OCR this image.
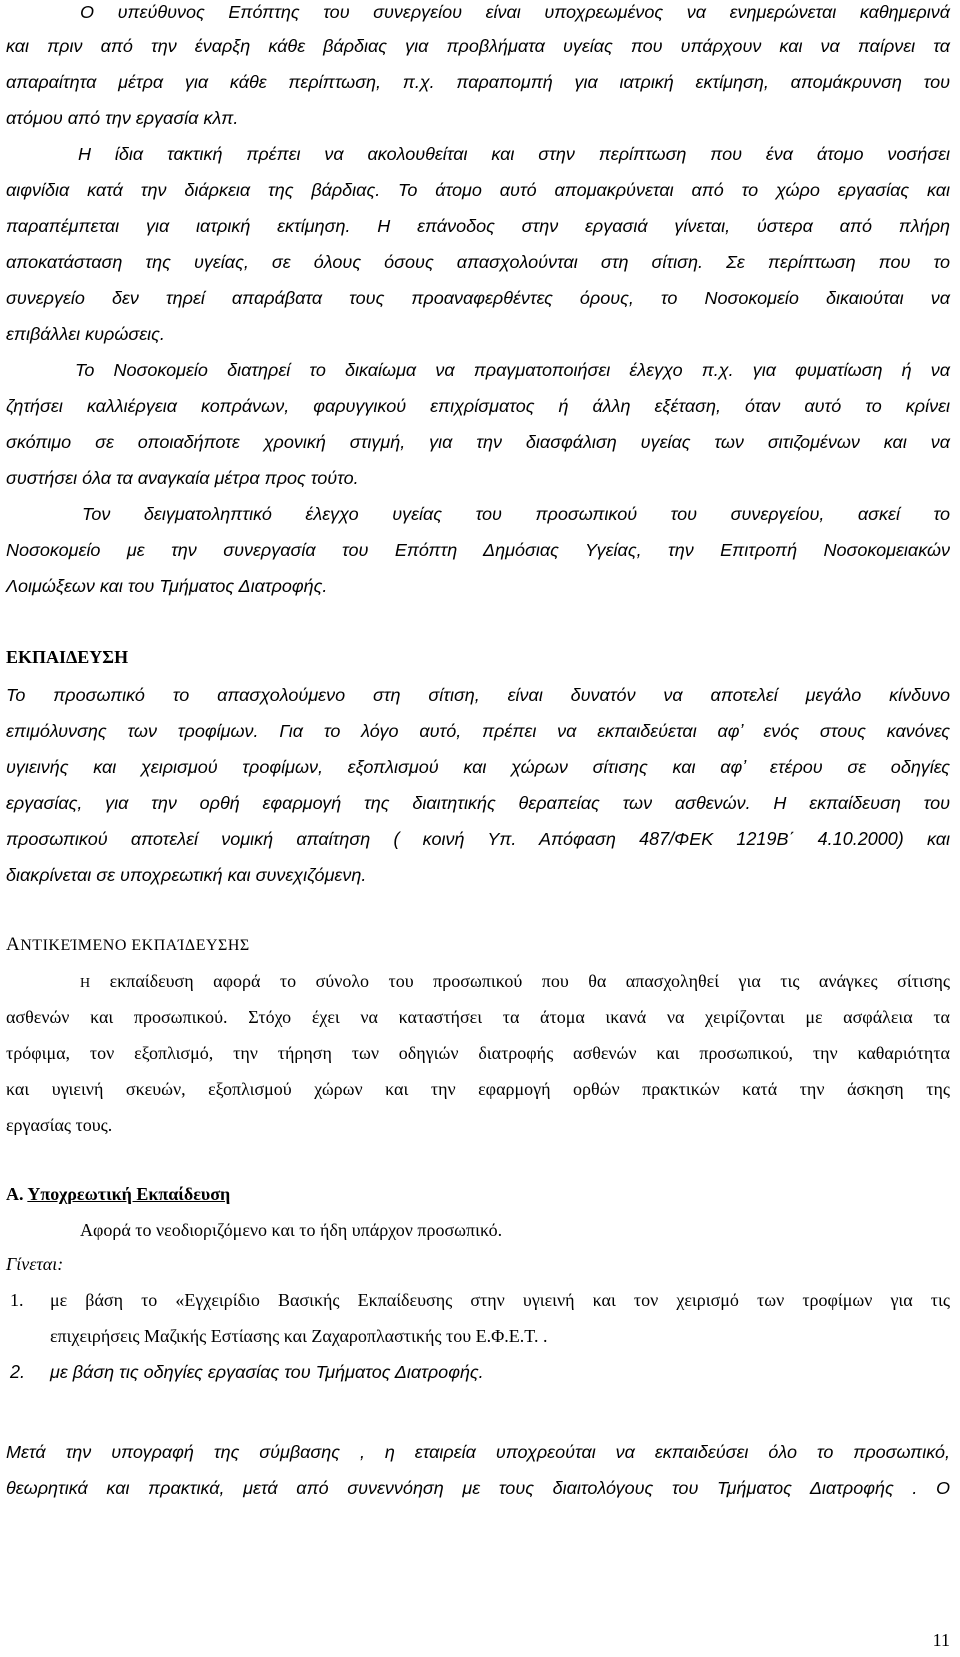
Ο υπεύθυνος Επόπτης του συνεργείου είναι υποχρεωμένος να ενημερώνεται καθημερινά

και πριν από την έναρξη κάθε βάρδιας για προβλήματα υγείας που υπάρχουν και να παίρνει τα

απαραίτητα μέτρα για κάθε περίπτωση, π.χ. παραπομπή για ιατρική εκτίμηση, απομάκρυνση του

ατόμου από την εργασία κλπ.

Η ίδια τακτική πρέπει να ακολουθείται και στην περίπτωση που ένα άτομο νοσήσει

αιφνίδια κατά την διάρκεια της βάρδιας. Το άτομο αυτό απομακρύνεται από το χώρο εργασίας και

παραπέμπεται για ιατρική εκτίμηση. Η επάνοδος στην εργασιά γίνεται, ύστερα από πλήρη

αποκατάσταση της υγείας, σε όλους όσους απασχολούνται στη σίτιση. Σε περίπτωση που το

συνεργείο δεν τηρεί απαράβατα τους προαναφερθέντες όρους, το Νοσοκομείο δικαιούται να

επιβάλλει κυρώσεις.

Το Νοσοκομείο διατηρεί το δικαίωμα να πραγματοποιήσει έλεγχο π.χ. για φυματίωση ή να

ζητήσει καλλιέργεια κοπράνων, φαρυγγικού επιχρίσματος ή άλλη εξέταση, όταν αυτό το κρίνει

σκόπιμο σε οποιαδήποτε χρονική στιγμή, για την διασφάλιση υγείας των σιτιζομένων και να

συστήσει όλα τα αναγκαία μέτρα προς τούτο.

Τον δειγματοληπτικό έλεγχο υγείας του προσωπικού του συνεργείου, ασκεί το

Νοσοκομείο με την συνεργασία του Επόπτη Δημόσιας Υγείας, την Επιτροπή Νοσοκομειακών

Λοιμώξεων και του Τμήματος Διατροφής.

ΕΚΠΑΙΔΕΥΣΗ

Το προσωπικό το απασχολούμενο στη σίτιση, είναι δυνατόν να αποτελεί μεγάλο κίνδυνο

επιμόλυνσης των τροφίμων. Για το λόγο αυτό, πρέπει να εκπαιδεύεται αφ’ ενός στους κανόνες

υγιεινής και χειρισμού τροφίμων, εξοπλισμού και χώρων σίτισης και αφ’ ετέρου σε οδηγίες

εργασίας, για την ορθή εφαρμογή της διαιτητικής θεραπείας των ασθενών. Η εκπαίδευση του

προσωπικού αποτελεί νομική απαίτηση ( κοινή Υπ. Απόφαση 487/ΦΕΚ 1219Β΄ 4.10.2000) και

διακρίνεται σε υποχρεωτική και συνεχιζόμενη.

ΑΝΤΙΚΕΊΜΕΝΟ ΕΚΠΑΊΔΕΥΣΗΣ

Η εκπαίδευση αφορά το σύνολο του προσωπικού που θα απασχοληθεί για τις ανάγκες σίτισης

ασθενών και προσωπικού. Στόχο έχει να καταστήσει τα άτομα ικανά να χειρίζονται με ασφάλεια τα

τρόφιμα, τον εξοπλισμό, την τήρηση των οδηγιών διατροφής ασθενών και προσωπικού, την καθαριότητα

και υγιεινή σκευών, εξοπλισμού χώρων και την εφαρμογή ορθών πρακτικών κατά την άσκηση της

εργασίας τους.

Α. Υποχρεωτική Εκπαίδευση

Αφορά το νεοδιοριζόμενο και το ήδη υπάρχον προσωπικό.

Γίνεται:

1. με βάση το «Εγχειρίδιο Βασικής Εκπαίδευσης στην υγιεινή και τον χειρισμό των τροφίμων για τις
επιχειρήσεις Μαζικής Εστίασης και Ζαχαροπλαστικής του Ε.Φ.Ε.Τ. .
2. με βάση τις οδηγίες εργασίας του Τμήματος Διατροφής.

Μετά την υπογραφή της σύμβασης , η εταιρεία υποχρεούται να εκπαιδεύσει όλο το προσωπικό,

θεωρητικά και πρακτικά, μετά από συνεννόηση με τους διαιτολόγους του Τμήματος Διατροφής . Ο

11
